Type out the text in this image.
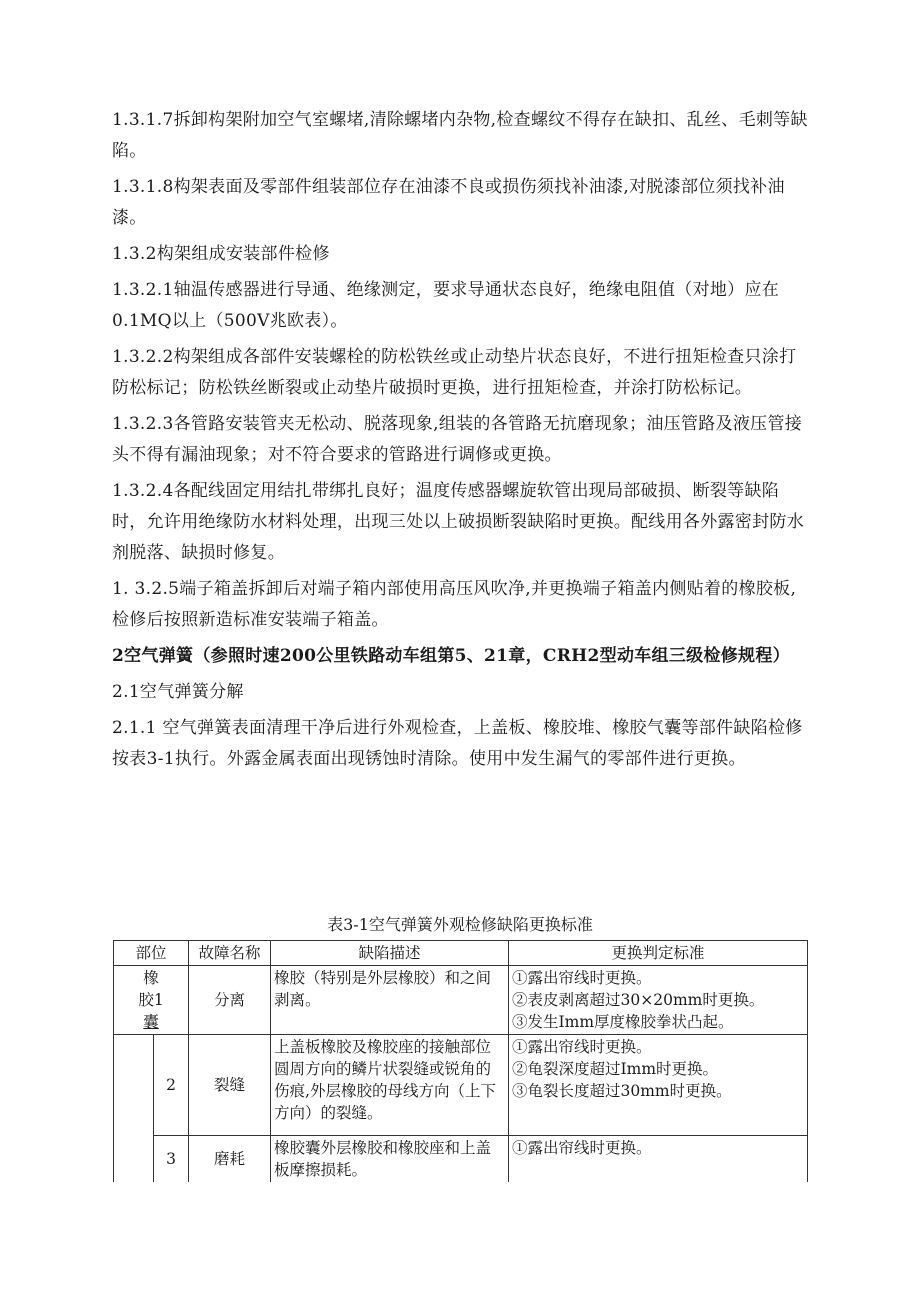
1.3.1.7拆卸构架附加空气室螺堵,清除螺堵内杂物,检查螺纹不得存在缺扣、乱丝、毛刺等缺陷。

1.3.1.8构架表面及零部件组装部位存在油漆不良或损伤须找补油漆,对脱漆部位须找补油漆。

1.3.2构架组成安装部件检修

1.3.2.1轴温传感器进行导通、绝缘测定，要求导通状态良好，绝缘电阻值（对地）应在0.1MQ以上（500V兆欧表）。

1.3.2.2构架组成各部件安装螺栓的防松铁丝或止动垫片状态良好，不进行扭矩检查只涂打防松标记；防松铁丝断裂或止动垫片破损时更换，进行扭矩检查，并涂打防松标记。

1.3.2.3各管路安装管夹无松动、脱落现象,组装的各管路无抗磨现象；油压管路及液压管接头不得有漏油现象；对不符合要求的管路进行调修或更换。

1.3.2.4各配线固定用结扎带绑扎良好；温度传感器螺旋软管出现局部破损、断裂等缺陷时，允许用绝缘防水材料处理，出现三处以上破损断裂缺陷时更换。配线用各外露密封防水剂脱落、缺损时修复。

1. 3.2.5端子箱盖拆卸后对端子箱内部使用高压风吹净,并更换端子箱盖内侧贴着的橡胶板,检修后按照新造标准安装端子箱盖。

2空气弹簧（参照时速200公里铁路动车组第5、21章，CRH2型动车组三级检修规程）

2.1空气弹簧分解

2.1.1 空气弹簧表面清理干净后进行外观检查，上盖板、橡胶堆、橡胶气囊等部件缺陷检修按表3-1执行。外露金属表面出现锈蚀时清除。使用中发生漏气的零部件进行更换。

表3-1空气弹簧外观检修缺陷更换标准
部位		故障名称	缺陷描述	更换判定标准

橡
胶1
囊		分离	橡胶（特别是外层橡胶）和之间剥离。	①露出帘线时更换。
②表皮剥离超过30×20mm时更换。
③发生Imm厚度橡胶拳状凸起。

	2	裂缝	上盖板橡胶及橡胶座的接触部位圆周方向的鳞片状裂缝或锐角的伤痕,外层橡胶的母线方向（上下方向）的裂缝。	①露出帘线时更换。
②龟裂深度超过Imm时更换。
③龟裂长度超过30mm时更换。

	3	磨耗	橡胶囊外层橡胶和橡胶座和上盖板摩擦损耗。	①露出帘线时更换。
